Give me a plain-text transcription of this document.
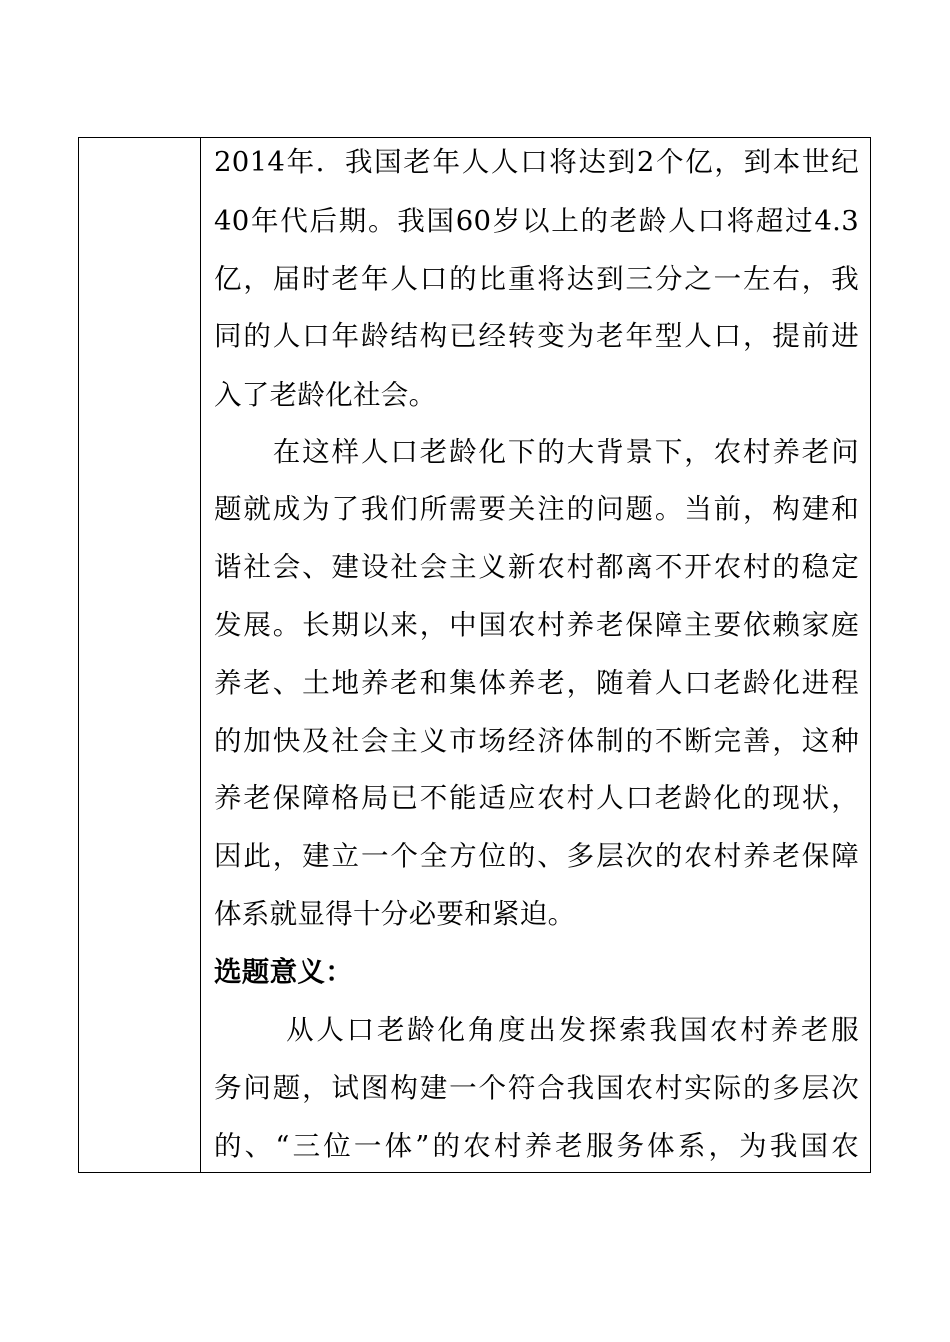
2014年．我国老年人人口将达到2个亿，到本世纪
40年代后期。我国60岁以上的老龄人口将超过4.3
亿，届时老年人口的比重将达到三分之一左右，我
同的人口年龄结构已经转变为老年型人口，提前进
入了老龄化社会。
　　在这样人口老龄化下的大背景下，农村养老问
题就成为了我们所需要关注的问题。当前，构建和
谐社会、建设社会主义新农村都离不开农村的稳定
发展。长期以来，中国农村养老保障主要依赖家庭
养老、土地养老和集体养老，随着人口老龄化进程
的加快及社会主义市场经济体制的不断完善，这种
养老保障格局已不能适应农村人口老龄化的现状，
因此，建立一个全方位的、多层次的农村养老保障
体系就显得十分必要和紧迫。
选题意义：
　　 从人口老龄化角度出发探索我国农村养老服
务问题，试图构建一个符合我国农村实际的多层次
的、“三位一体”的农村养老服务体系，为我国农
